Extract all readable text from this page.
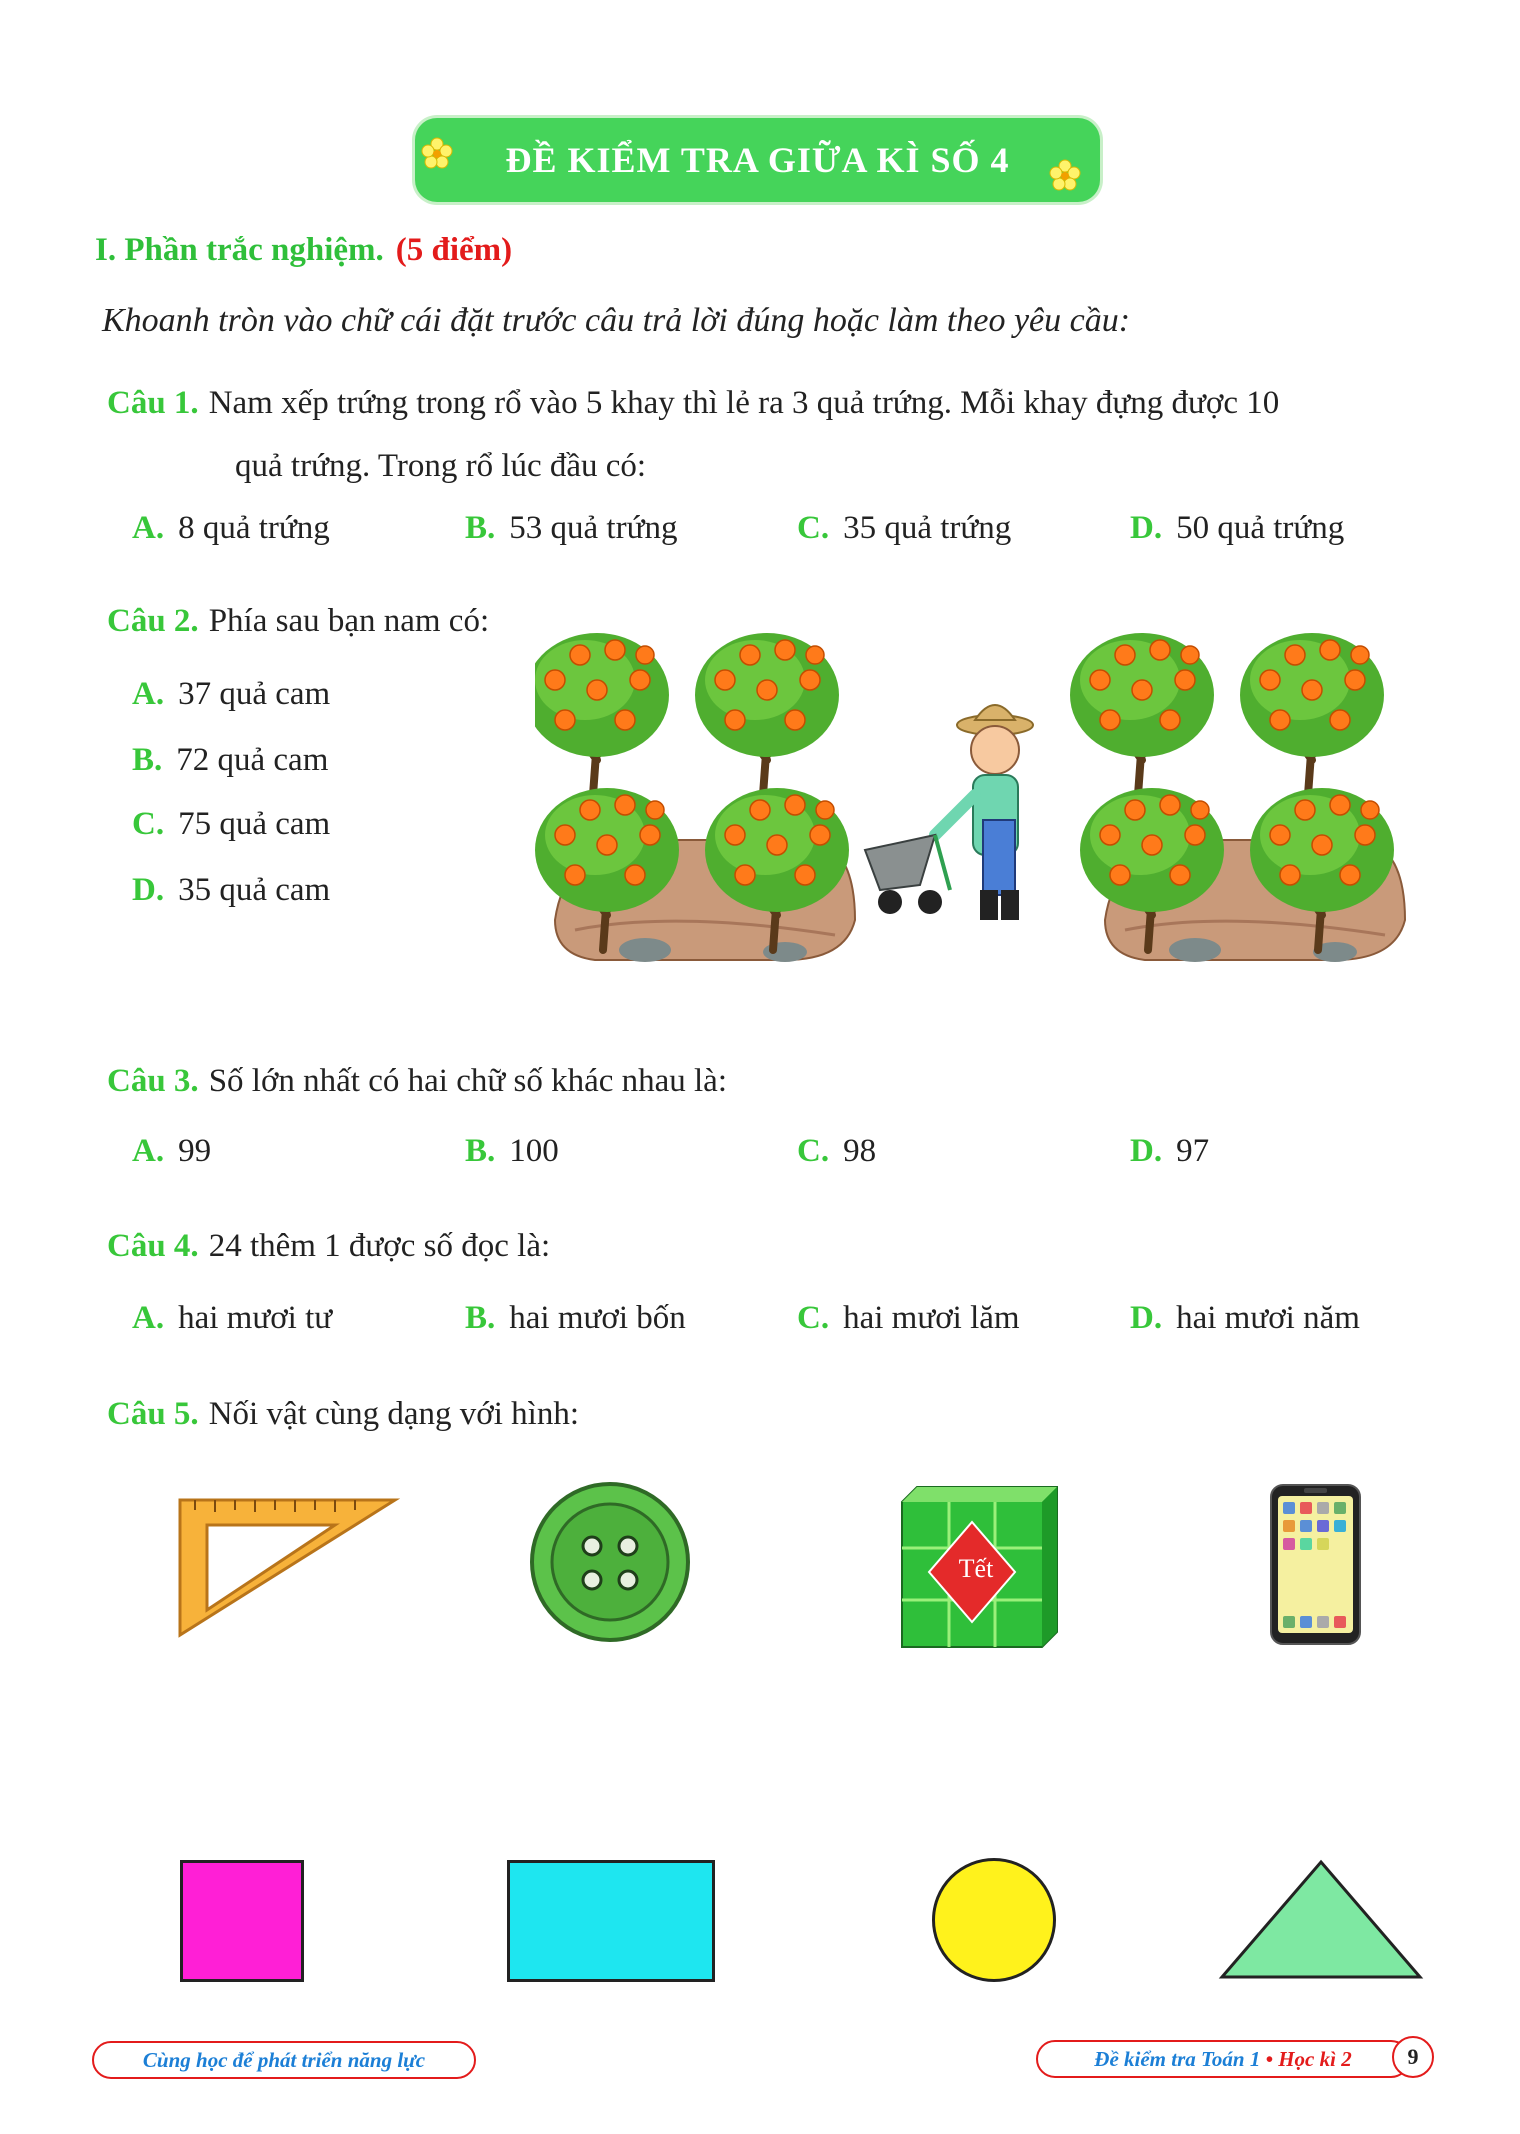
ĐỀ KIỂM TRA GIỮA KÌ SỐ 4
I. Phần trắc nghiệm. (5 điểm)
Khoanh tròn vào chữ cái đặt trước câu trả lời đúng hoặc làm theo yêu cầu:
Câu 1. Nam xếp trứng trong rổ vào 5 khay thì lẻ ra 3 quả trứng. Mỗi khay đựng được 10
quả trứng. Trong rổ lúc đầu có:
A. 8 quả trứng	B. 53 quả trứng	C. 35 quả trứng	D. 50 quả trứng
Câu 2. Phía sau bạn nam có:
A. 37 quả cam
B. 72 quả cam
C. 75 quả cam
D. 35 quả cam
Câu 3. Số lớn nhất có hai chữ số khác nhau là:
A. 99	B. 100	C. 98	D. 97
Câu 4. 24 thêm 1 được số đọc là:
A. hai mươi tư	B. hai mươi bốn	C. hai mươi lăm	D. hai mươi năm
Câu 5. Nối vật cùng dạng với hình:
Tết
Cùng học để phát triển năng lực	Đề kiểm tra Toán 1 • Học kì 2	9
